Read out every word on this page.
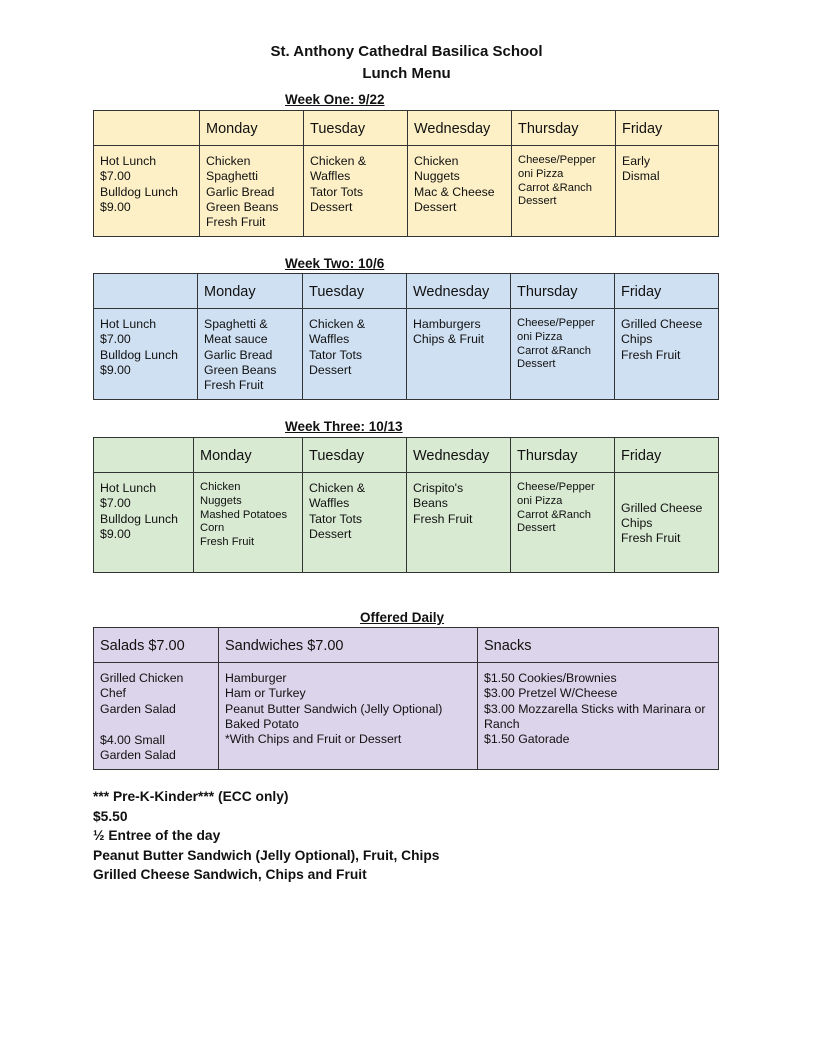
St. Anthony Cathedral Basilica School
Lunch Menu
Week One: 9/22
	Monday	Tuesday	Wednesday	Thursday	Friday

Hot Lunch
$7.00
Bulldog Lunch
$9.00	Chicken
Spaghetti
Garlic Bread
Green Beans
Fresh Fruit	Chicken &
Waffles
Tator Tots
Dessert	Chicken
Nuggets
Mac & Cheese
Dessert	Cheese/Pepper
oni Pizza
Carrot &Ranch
Dessert	Early
Dismal
Week Two: 10/6
	Monday	Tuesday	Wednesday	Thursday	Friday

Hot Lunch
$7.00
Bulldog Lunch
$9.00	Spaghetti &
Meat sauce
Garlic Bread
Green Beans
Fresh Fruit	Chicken &
Waffles
Tator Tots
Dessert	Hamburgers
Chips & Fruit	Cheese/Pepper
oni Pizza
Carrot &Ranch
Dessert	Grilled Cheese
Chips
Fresh Fruit
Week Three: 10/13
	Monday	Tuesday	Wednesday	Thursday	Friday

Hot Lunch
$7.00
Bulldog Lunch
$9.00	Chicken
Nuggets
Mashed Potatoes
Corn
Fresh Fruit	Chicken &
Waffles
Tator Tots
Dessert	Crispito's
Beans
Fresh Fruit	Cheese/Pepper
oni Pizza
Carrot &Ranch
Dessert	Grilled Cheese
Chips
Fresh Fruit
Offered Daily
Salads $7.00	Sandwiches $7.00	Snacks

Grilled Chicken
Chef
Garden Salad
$4.00 Small
Garden Salad	Hamburger
Ham or Turkey
Peanut Butter Sandwich (Jelly Optional)
Baked Potato
*With Chips and Fruit or Dessert	$1.50 Cookies/Brownies
$3.00 Pretzel W/Cheese
$3.00 Mozzarella Sticks with Marinara or Ranch
$1.50 Gatorade
*** Pre-K-Kinder*** (ECC only)
$5.50
½ Entree of the day
Peanut Butter Sandwich (Jelly Optional), Fruit, Chips
Grilled Cheese Sandwich, Chips and Fruit
